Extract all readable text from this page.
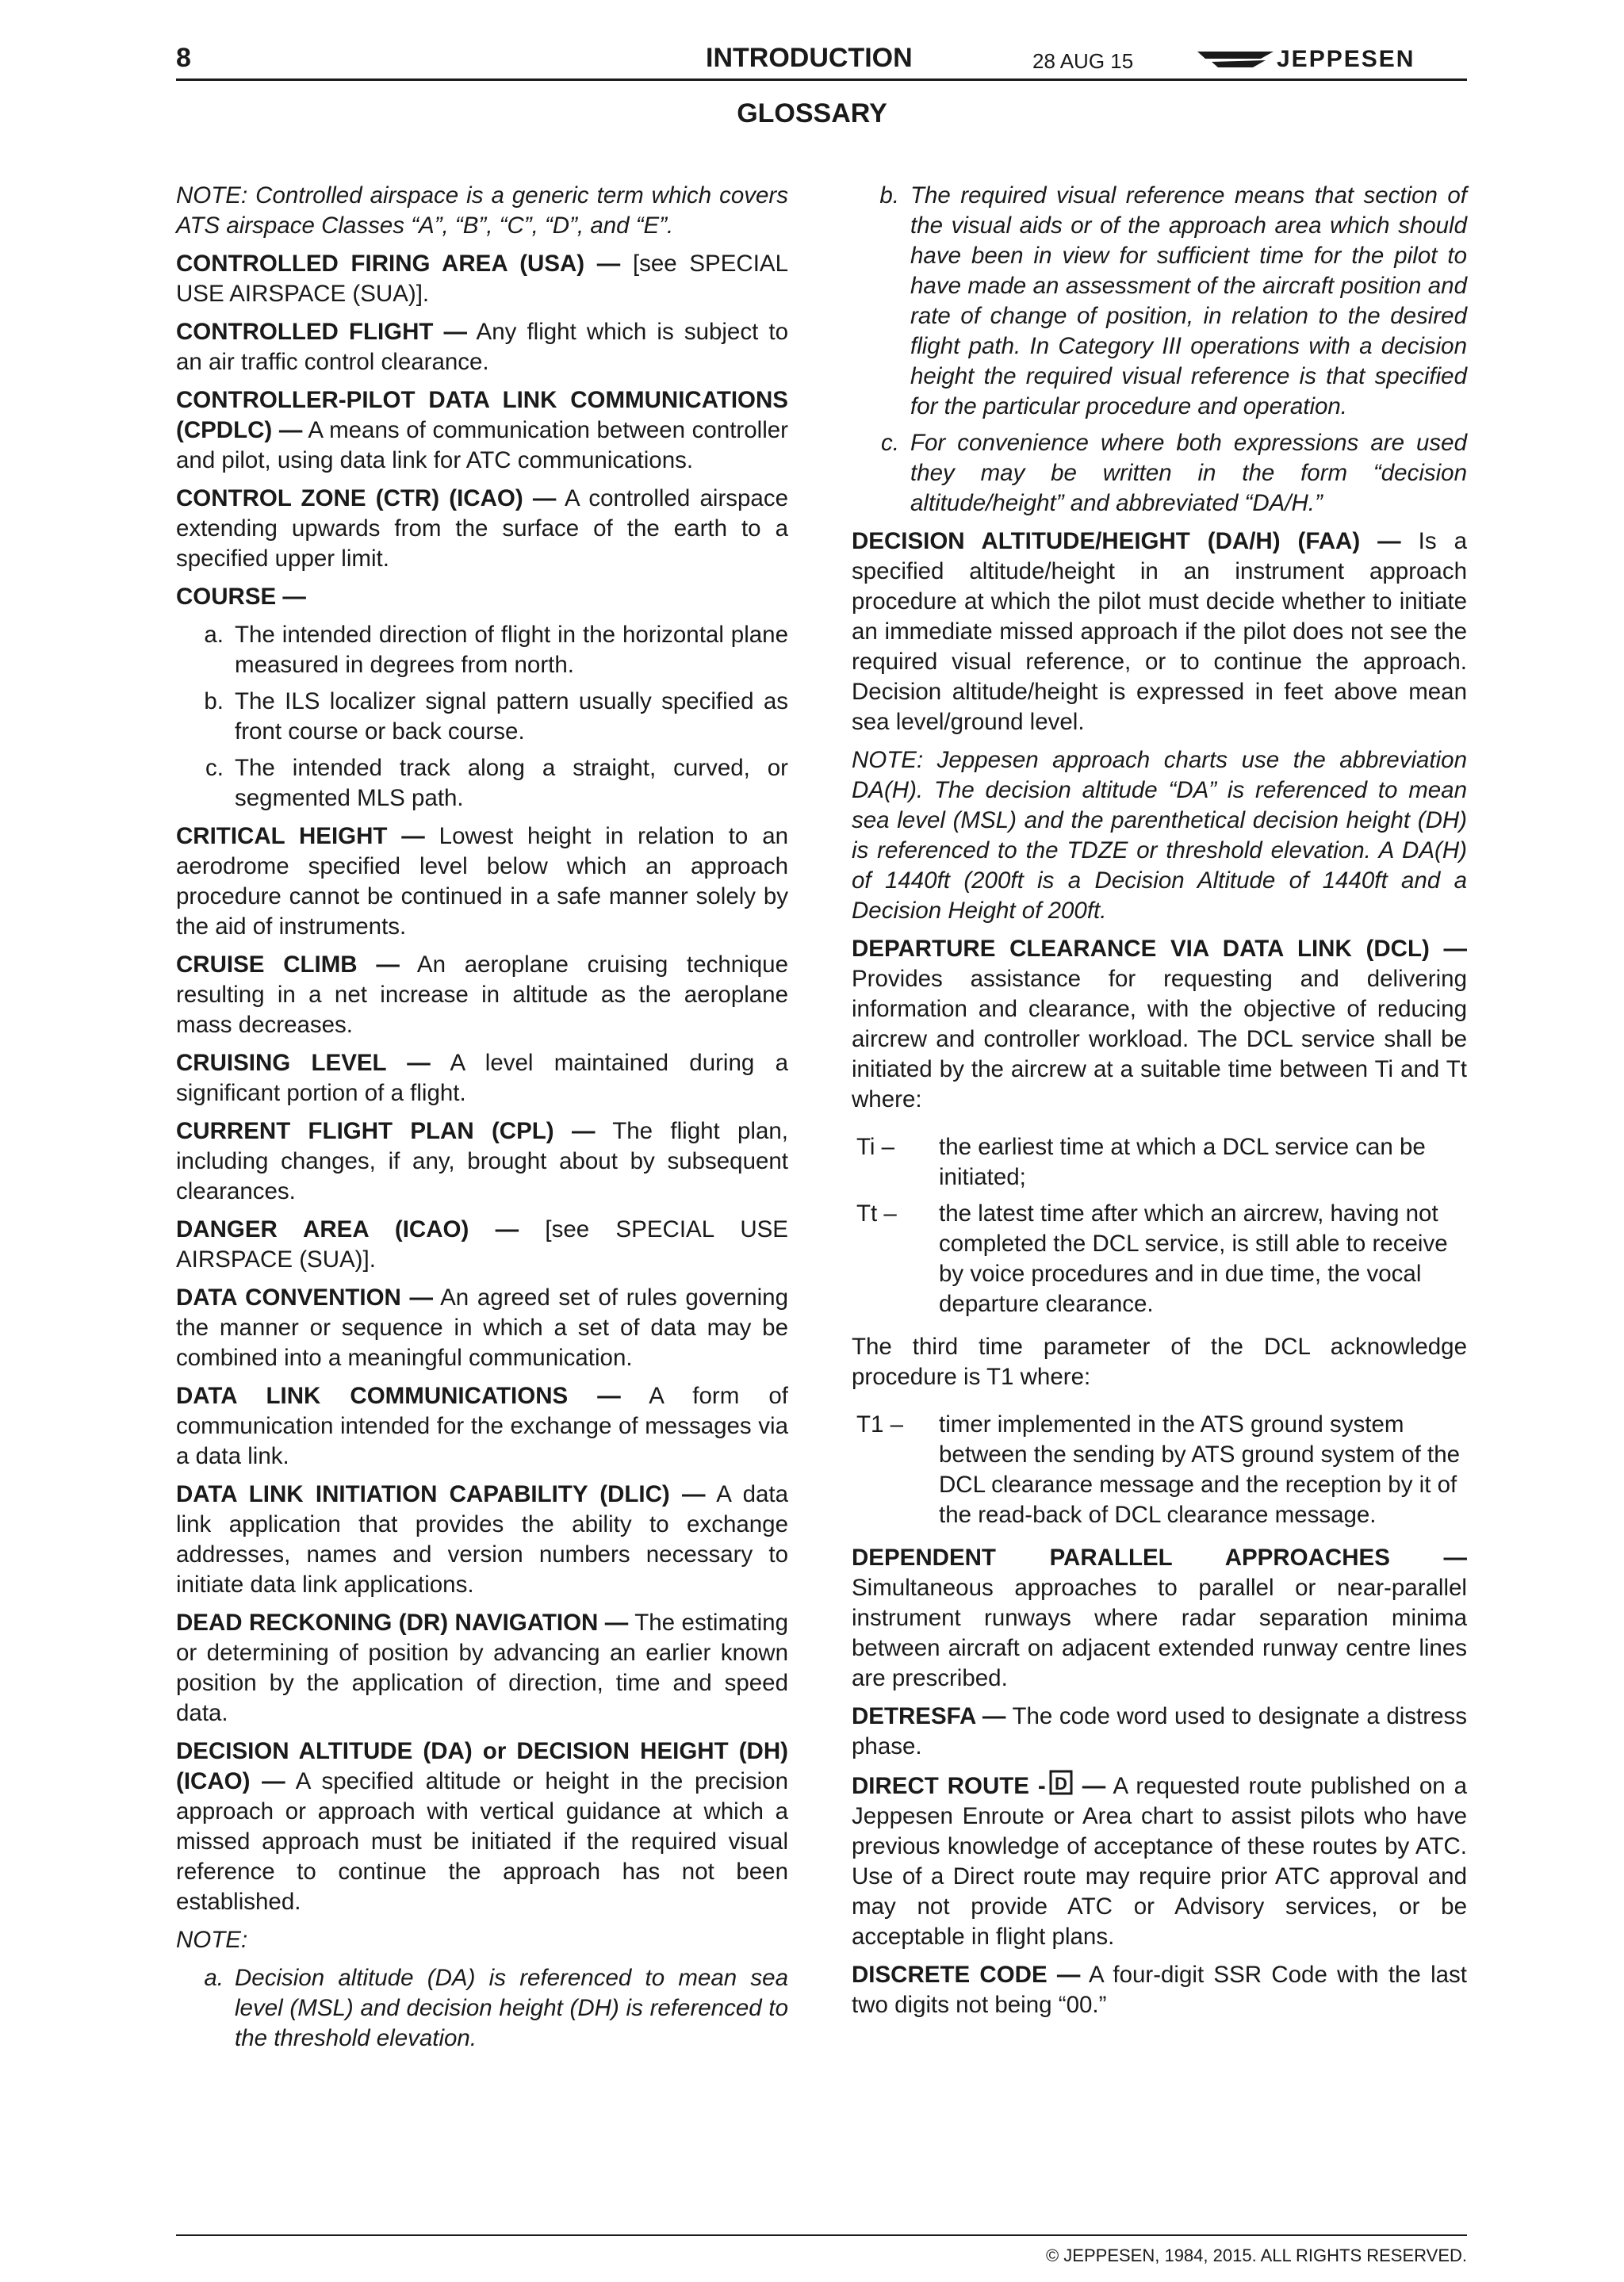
8	INTRODUCTION	28 AUG 15	JEPPESEN
GLOSSARY

NOTE: Controlled airspace is a generic term which covers ATS airspace Classes “A”, “B”, “C”, “D”, and “E”.

CONTROLLED FIRING AREA (USA) — [see SPECIAL USE AIRSPACE (SUA)].

CONTROLLED FLIGHT — Any flight which is subject to an air traffic control clearance.

CONTROLLER-PILOT DATA LINK COMMUNICATIONS (CPDLC) — A means of communication between controller and pilot, using data link for ATC communications.

CONTROL ZONE (CTR) (ICAO) — A controlled airspace extending upwards from the surface of the earth to a specified upper limit.

COURSE —

a. The intended direction of flight in the horizontal plane measured in degrees from north.
b. The ILS localizer signal pattern usually specified as front course or back course.
c. The intended track along a straight, curved, or segmented MLS path.

CRITICAL HEIGHT — Lowest height in relation to an aerodrome specified level below which an approach procedure cannot be continued in a safe manner solely by the aid of instruments.

CRUISE CLIMB — An aeroplane cruising technique resulting in a net increase in altitude as the aeroplane mass decreases.

CRUISING LEVEL — A level maintained during a significant portion of a flight.

CURRENT FLIGHT PLAN (CPL) — The flight plan, including changes, if any, brought about by subsequent clearances.

DANGER AREA (ICAO) — [see SPECIAL USE AIRSPACE (SUA)].

DATA CONVENTION — An agreed set of rules governing the manner or sequence in which a set of data may be combined into a meaningful communication.

DATA LINK COMMUNICATIONS — A form of communication intended for the exchange of messages via a data link.

DATA LINK INITIATION CAPABILITY (DLIC) — A data link application that provides the ability to exchange addresses, names and version numbers necessary to initiate data link applications.

DEAD RECKONING (DR) NAVIGATION — The estimating or determining of position by advancing an earlier known position by the application of direction, time and speed data.

DECISION ALTITUDE (DA) or DECISION HEIGHT (DH) (ICAO) — A specified altitude or height in the precision approach or approach with vertical guidance at which a missed approach must be initiated if the required visual reference to continue the approach has not been established.

NOTE:

a. Decision altitude (DA) is referenced to mean sea level (MSL) and decision height (DH) is referenced to the threshold elevation.
b. The required visual reference means that section of the visual aids or of the approach area which should have been in view for sufficient time for the pilot to have made an assessment of the aircraft position and rate of change of position, in relation to the desired flight path. In Category III operations with a decision height the required visual reference is that specified for the particular procedure and operation.
c. For convenience where both expressions are used they may be written in the form “decision altitude/height” and abbreviated “DA/H.”

DECISION ALTITUDE/HEIGHT (DA/H) (FAA) — Is a specified altitude/height in an instrument approach procedure at which the pilot must decide whether to initiate an immediate missed approach if the pilot does not see the required visual reference, or to continue the approach. Decision altitude/height is expressed in feet above mean sea level/ground level.

NOTE: Jeppesen approach charts use the abbreviation DA(H). The decision altitude “DA” is referenced to mean sea level (MSL) and the parenthetical decision height (DH) is referenced to the TDZE or threshold elevation. A DA(H) of 1440ft (200ft is a Decision Altitude of 1440ft and a Decision Height of 200ft.

DEPARTURE CLEARANCE VIA DATA LINK (DCL) — Provides assistance for requesting and delivering information and clearance, with the objective of reducing aircrew and controller workload. The DCL service shall be initiated by the aircrew at a suitable time between Ti and Tt where:

Ti –	the earliest time at which a DCL service can be initiated;
Tt –	the latest time after which an aircrew, having not completed the DCL service, is still able to receive by voice procedures and in due time, the vocal departure clearance.

The third time parameter of the DCL acknowledge procedure is T1 where:

T1 –	timer implemented in the ATS ground system between the sending by ATS ground system of the DCL clearance message and the reception by it of the read-back of DCL clearance message.

DEPENDENT PARALLEL APPROACHES — Simultaneous approaches to parallel or near-parallel instrument runways where radar separation minima between aircraft on adjacent extended runway centre lines are prescribed.

DETRESFA — The code word used to designate a distress phase.

DIRECT ROUTE - D — A requested route published on a Jeppesen Enroute or Area chart to assist pilots who have previous knowledge of acceptance of these routes by ATC. Use of a Direct route may require prior ATC approval and may not provide ATC or Advisory services, or be acceptable in flight plans.

DISCRETE CODE — A four-digit SSR Code with the last two digits not being “00.”

© JEPPESEN, 1984, 2015. ALL RIGHTS RESERVED.
